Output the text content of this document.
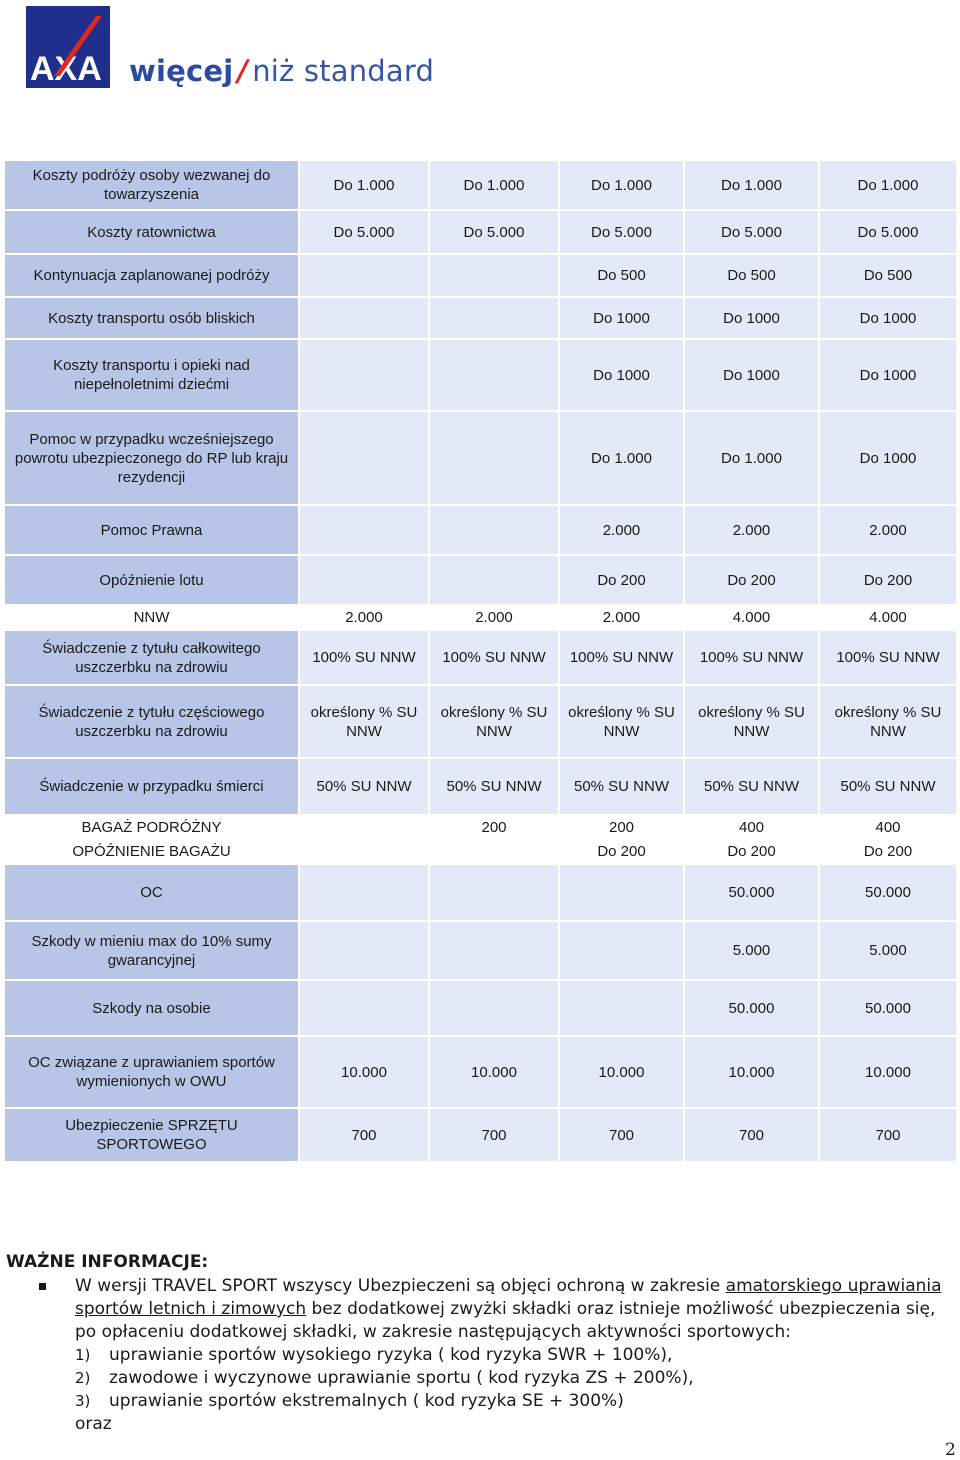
AXA więcej / niż standard
Koszty podróży osoby wezwanej do towarzyszenia	Do 1.000	Do 1.000	Do 1.000	Do 1.000	Do 1.000
Koszty ratownictwa	Do 5.000	Do 5.000	Do 5.000	Do 5.000	Do 5.000
Kontynuacja zaplanowanej podróży			Do 500	Do 500	Do 500
Koszty transportu osób bliskich			Do 1000	Do 1000	Do 1000
Koszty transportu i opieki nad niepełnoletnimi dziećmi			Do 1000	Do 1000	Do 1000
Pomoc w przypadku wcześniejszego powrotu ubezpieczonego do RP lub kraju rezydencji			Do 1.000	Do 1.000	Do 1000
Pomoc Prawna			2.000	2.000	2.000
Opóźnienie lotu			Do 200	Do 200	Do 200
NNW	2.000	2.000	2.000	4.000	4.000
Świadczenie z tytułu całkowitego uszczerbku na zdrowiu	100% SU NNW	100% SU NNW	100% SU NNW	100% SU NNW	100% SU NNW
Świadczenie z tytułu częściowego uszczerbku na zdrowiu	określony % SU NNW	określony % SU NNW	określony % SU NNW	określony % SU NNW	określony % SU NNW
Świadczenie w przypadku śmierci	50% SU NNW	50% SU NNW	50% SU NNW	50% SU NNW	50% SU NNW
BAGAŻ PODRÓŻNY		200	200	400	400
OPÓŹNIENIE BAGAŻU			Do 200	Do 200	Do 200
OC				50.000	50.000
Szkody w mieniu max do 10% sumy gwarancyjnej				5.000	5.000
Szkody na osobie				50.000	50.000
OC związane z uprawianiem sportów wymienionych w OWU	10.000	10.000	10.000	10.000	10.000
Ubezpieczenie SPRZĘTU SPORTOWEGO	700	700	700	700	700
WAŻNE INFORMACJE:
W wersji TRAVEL SPORT wszyscy Ubezpieczeni są objęci ochroną w zakresie amatorskiego uprawiania sportów letnich i zimowych bez dodatkowej zwyżki składki oraz istnieje możliwość ubezpieczenia się, po opłaceniu dodatkowej składki, w zakresie następujących aktywności sportowych:
1) uprawianie sportów wysokiego ryzyka ( kod ryzyka SWR + 100%),
2) zawodowe i wyczynowe uprawianie sportu ( kod ryzyka ZS + 200%),
3) uprawianie sportów ekstremalnych ( kod ryzyka SE + 300%)
oraz
2
